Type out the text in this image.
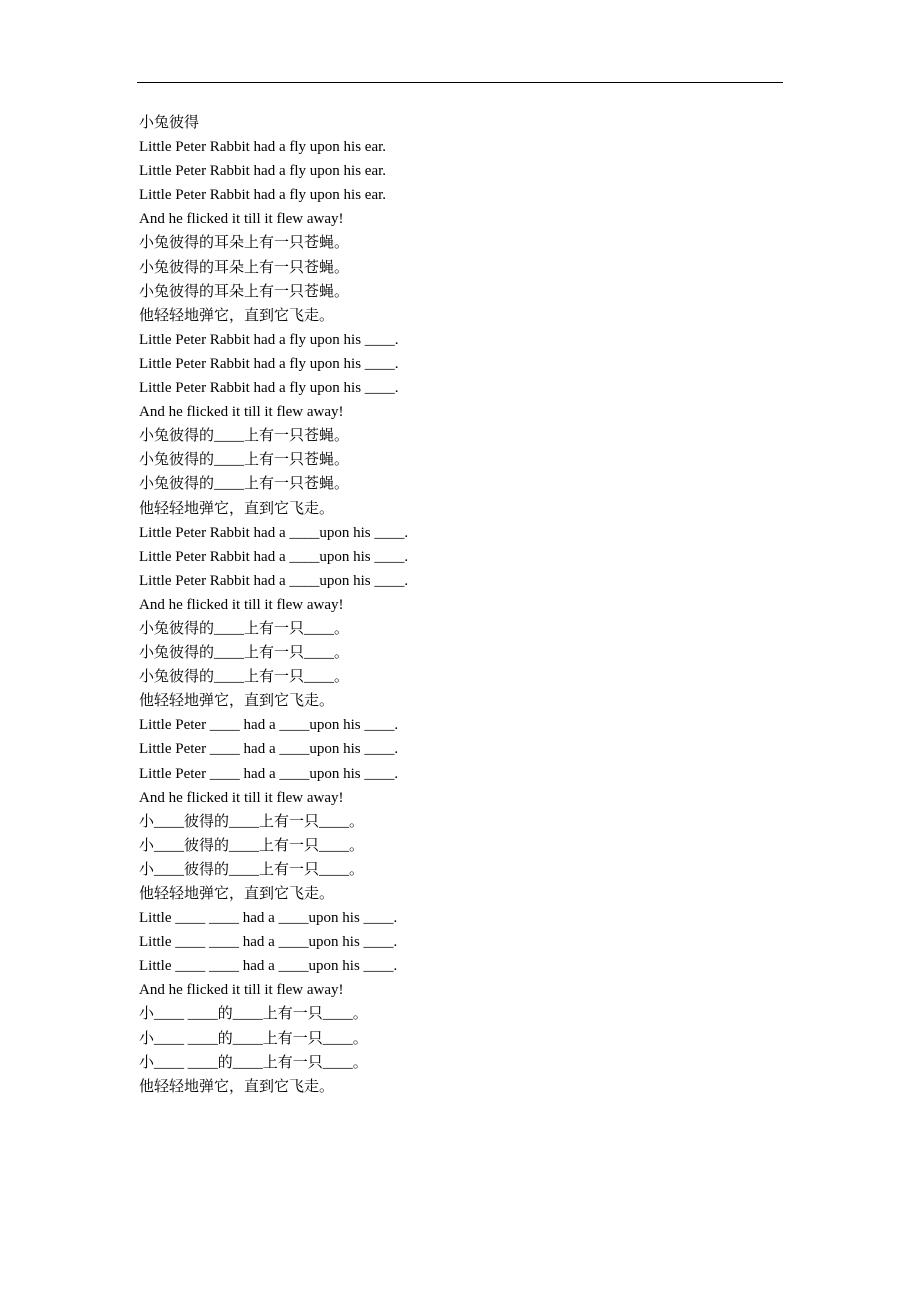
小兔彼得
Little Peter Rabbit had a fly upon his ear.
Little Peter Rabbit had a fly upon his ear.
Little Peter Rabbit had a fly upon his ear.
And he flicked it till it flew away!
小兔彼得的耳朵上有一只苍蝇。
小兔彼得的耳朵上有一只苍蝇。
小兔彼得的耳朵上有一只苍蝇。
他轻轻地弹它，直到它飞走。
Little Peter Rabbit had a fly upon his ____.
Little Peter Rabbit had a fly upon his ____.
Little Peter Rabbit had a fly upon his ____.
And he flicked it till it flew away!
小兔彼得的____上有一只苍蝇。
小兔彼得的____上有一只苍蝇。
小兔彼得的____上有一只苍蝇。
他轻轻地弹它，直到它飞走。
Little Peter Rabbit had a ____upon his ____.
Little Peter Rabbit had a ____upon his ____.
Little Peter Rabbit had a ____upon his ____.
And he flicked it till it flew away!
小兔彼得的____上有一只____。
小兔彼得的____上有一只____。
小兔彼得的____上有一只____。
他轻轻地弹它，直到它飞走。
Little Peter ____ had a ____upon his ____.
Little Peter ____ had a ____upon his ____.
Little Peter ____ had a ____upon his ____.
And he flicked it till it flew away!
小____彼得的____上有一只____。
小____彼得的____上有一只____。
小____彼得的____上有一只____。
他轻轻地弹它，直到它飞走。
Little ____ ____ had a ____upon his ____.
Little ____ ____ had a ____upon his ____.
Little ____ ____ had a ____upon his ____.
And he flicked it till it flew away!
小____ ____的____上有一只____。
小____ ____的____上有一只____。
小____ ____的____上有一只____。
他轻轻地弹它，直到它飞走。
